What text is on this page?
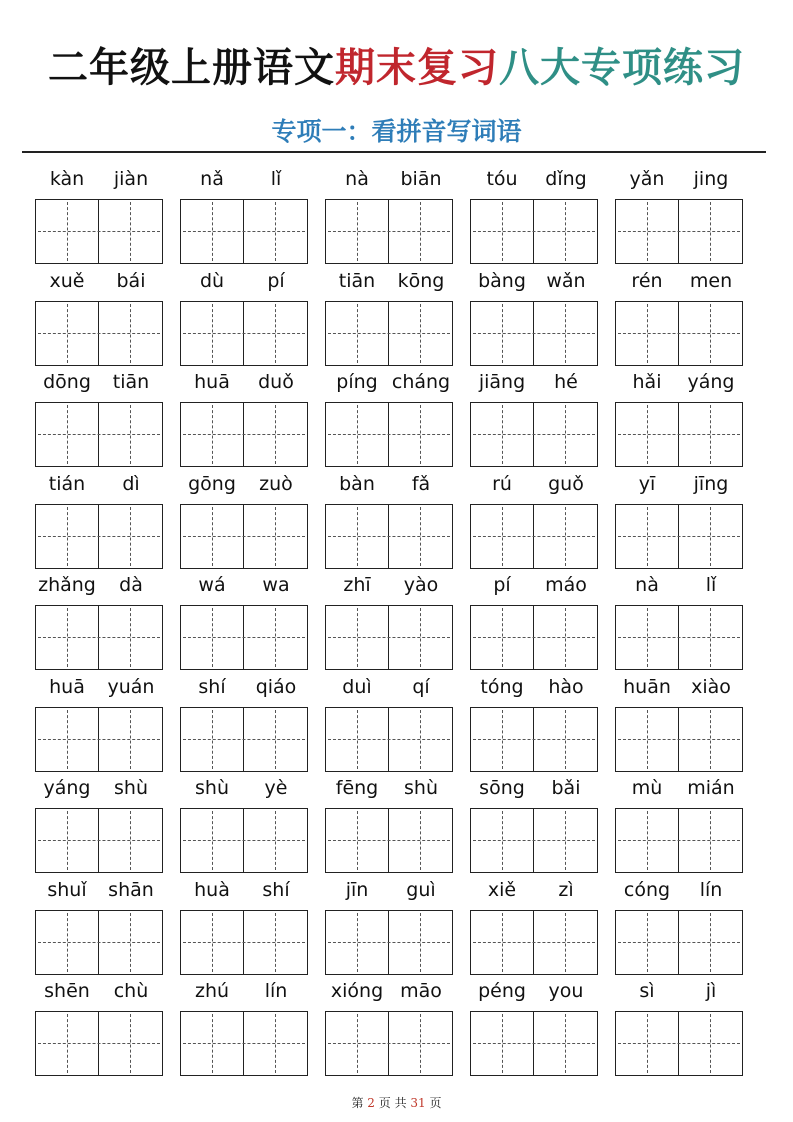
二年级上册语文期末复习八大专项练习
专项一：看拼音写词语
kàn	jiàn	nǎ	lǐ	nà	biān	tóu	dǐng	yǎn	jing
xuě	bái	dù	pí	tiān	kōng	bàng	wǎn	rén	men
dōng	tiān	huā	duǒ	píng cháng	jiāng	hé	hǎi	yáng
tián	dì	gōng	zuò	bàn	fǎ	rú	guǒ	yī	jīng
zhǎng	dà	wá	wa	zhī	yào	pí	máo	nà	lǐ
huā	yuán	shí	qiáo	duì	qí	tóng	hào	huān	xiào
yáng	shù	shù	yè	fēng	shù	sōng	bǎi	mù	mián
shuǐ	shān	huà	shí	jīn	guì	xiě	zì	cóng	lín
shēn	chù	zhú	lín	xióng māo	péng	you	sì	jì
第 2 页 共 31 页
